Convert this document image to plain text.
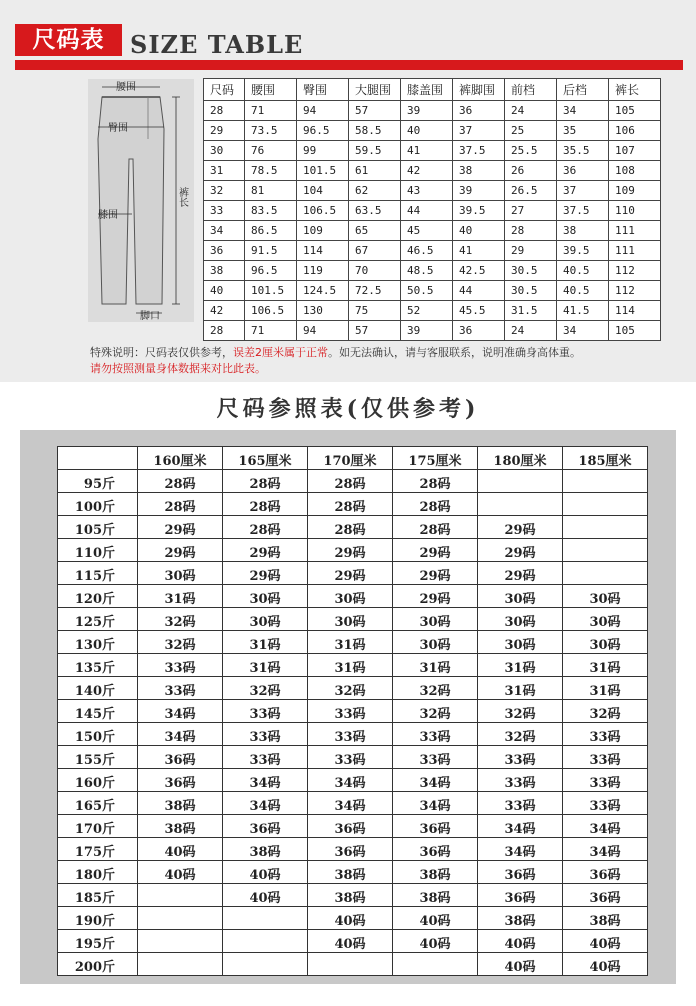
尺码表	SIZE TABLE
腰围
臀围
膝围
脚口
裤长
尺码	腰围	臀围	大腿围	膝盖围	裤脚围	前档	后档	裤长
28	71	94	57	39	36	24	34	105
29	73.5	96.5	58.5	40	37	25	35	106
30	76	99	59.5	41	37.5	25.5	35.5	107
31	78.5	101.5	61	42	38	26	36	108
32	81	104	62	43	39	26.5	37	109
33	83.5	106.5	63.5	44	39.5	27	37.5	110
34	86.5	109	65	45	40	28	38	111
36	91.5	114	67	46.5	41	29	39.5	111
38	96.5	119	70	48.5	42.5	30.5	40.5	112
40	101.5	124.5	72.5	50.5	44	30.5	40.5	112
42	106.5	130	75	52	45.5	31.5	41.5	114
28	71	94	57	39	36	24	34	105
特殊说明：尺码表仅供参考，误差2厘米属于正常。如无法确认，请与客服联系，说明准确身高体重。
请勿按照测量身体数据来对比此表。
尺码参照表(仅供参考)
	160厘米	165厘米	170厘米	175厘米	180厘米	185厘米
95斤	28码	28码	28码	28码		
100斤	28码	28码	28码	28码		
105斤	29码	28码	28码	28码	29码	
110斤	29码	29码	29码	29码	29码	
115斤	30码	29码	29码	29码	29码	
120斤	31码	30码	30码	29码	30码	30码
125斤	32码	30码	30码	30码	30码	30码
130斤	32码	31码	31码	30码	30码	30码
135斤	33码	31码	31码	31码	31码	31码
140斤	33码	32码	32码	32码	31码	31码
145斤	34码	33码	33码	32码	32码	32码
150斤	34码	33码	33码	33码	32码	33码
155斤	36码	33码	33码	33码	33码	33码
160斤	36码	34码	34码	34码	33码	33码
165斤	38码	34码	34码	34码	33码	33码
170斤	38码	36码	36码	36码	34码	34码
175斤	40码	38码	36码	36码	34码	34码
180斤	40码	40码	38码	38码	36码	36码
185斤		40码	38码	38码	36码	36码
190斤			40码	40码	38码	38码
195斤			40码	40码	40码	40码
200斤					40码	40码
